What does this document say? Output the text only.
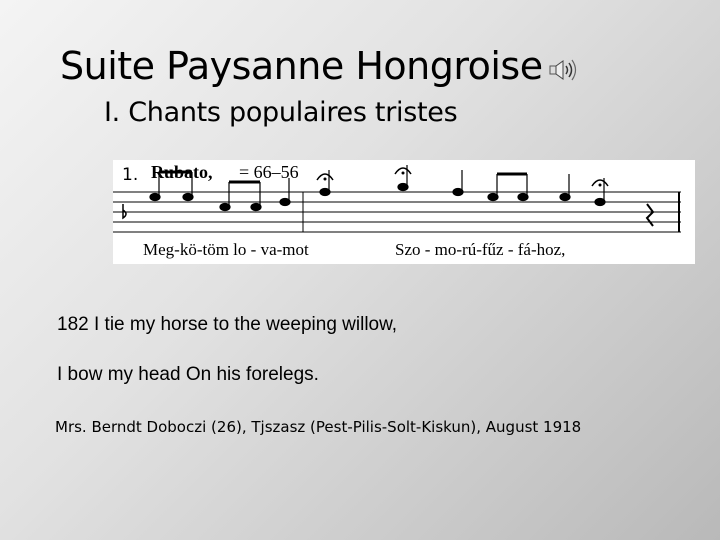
Suite Paysanne Hongroise
I. Chants populaires tristes
1. Rubato, = 66–56
Meg-kö-töm lo - va-mot	Szo - mo-rú-fűz - fá-hoz,
182 I tie my horse to the weeping willow,
I bow my head On his forelegs.
Mrs. Berndt Doboczi (26), Tjszasz (Pest-Pilis-Solt-Kiskun), August 1918
